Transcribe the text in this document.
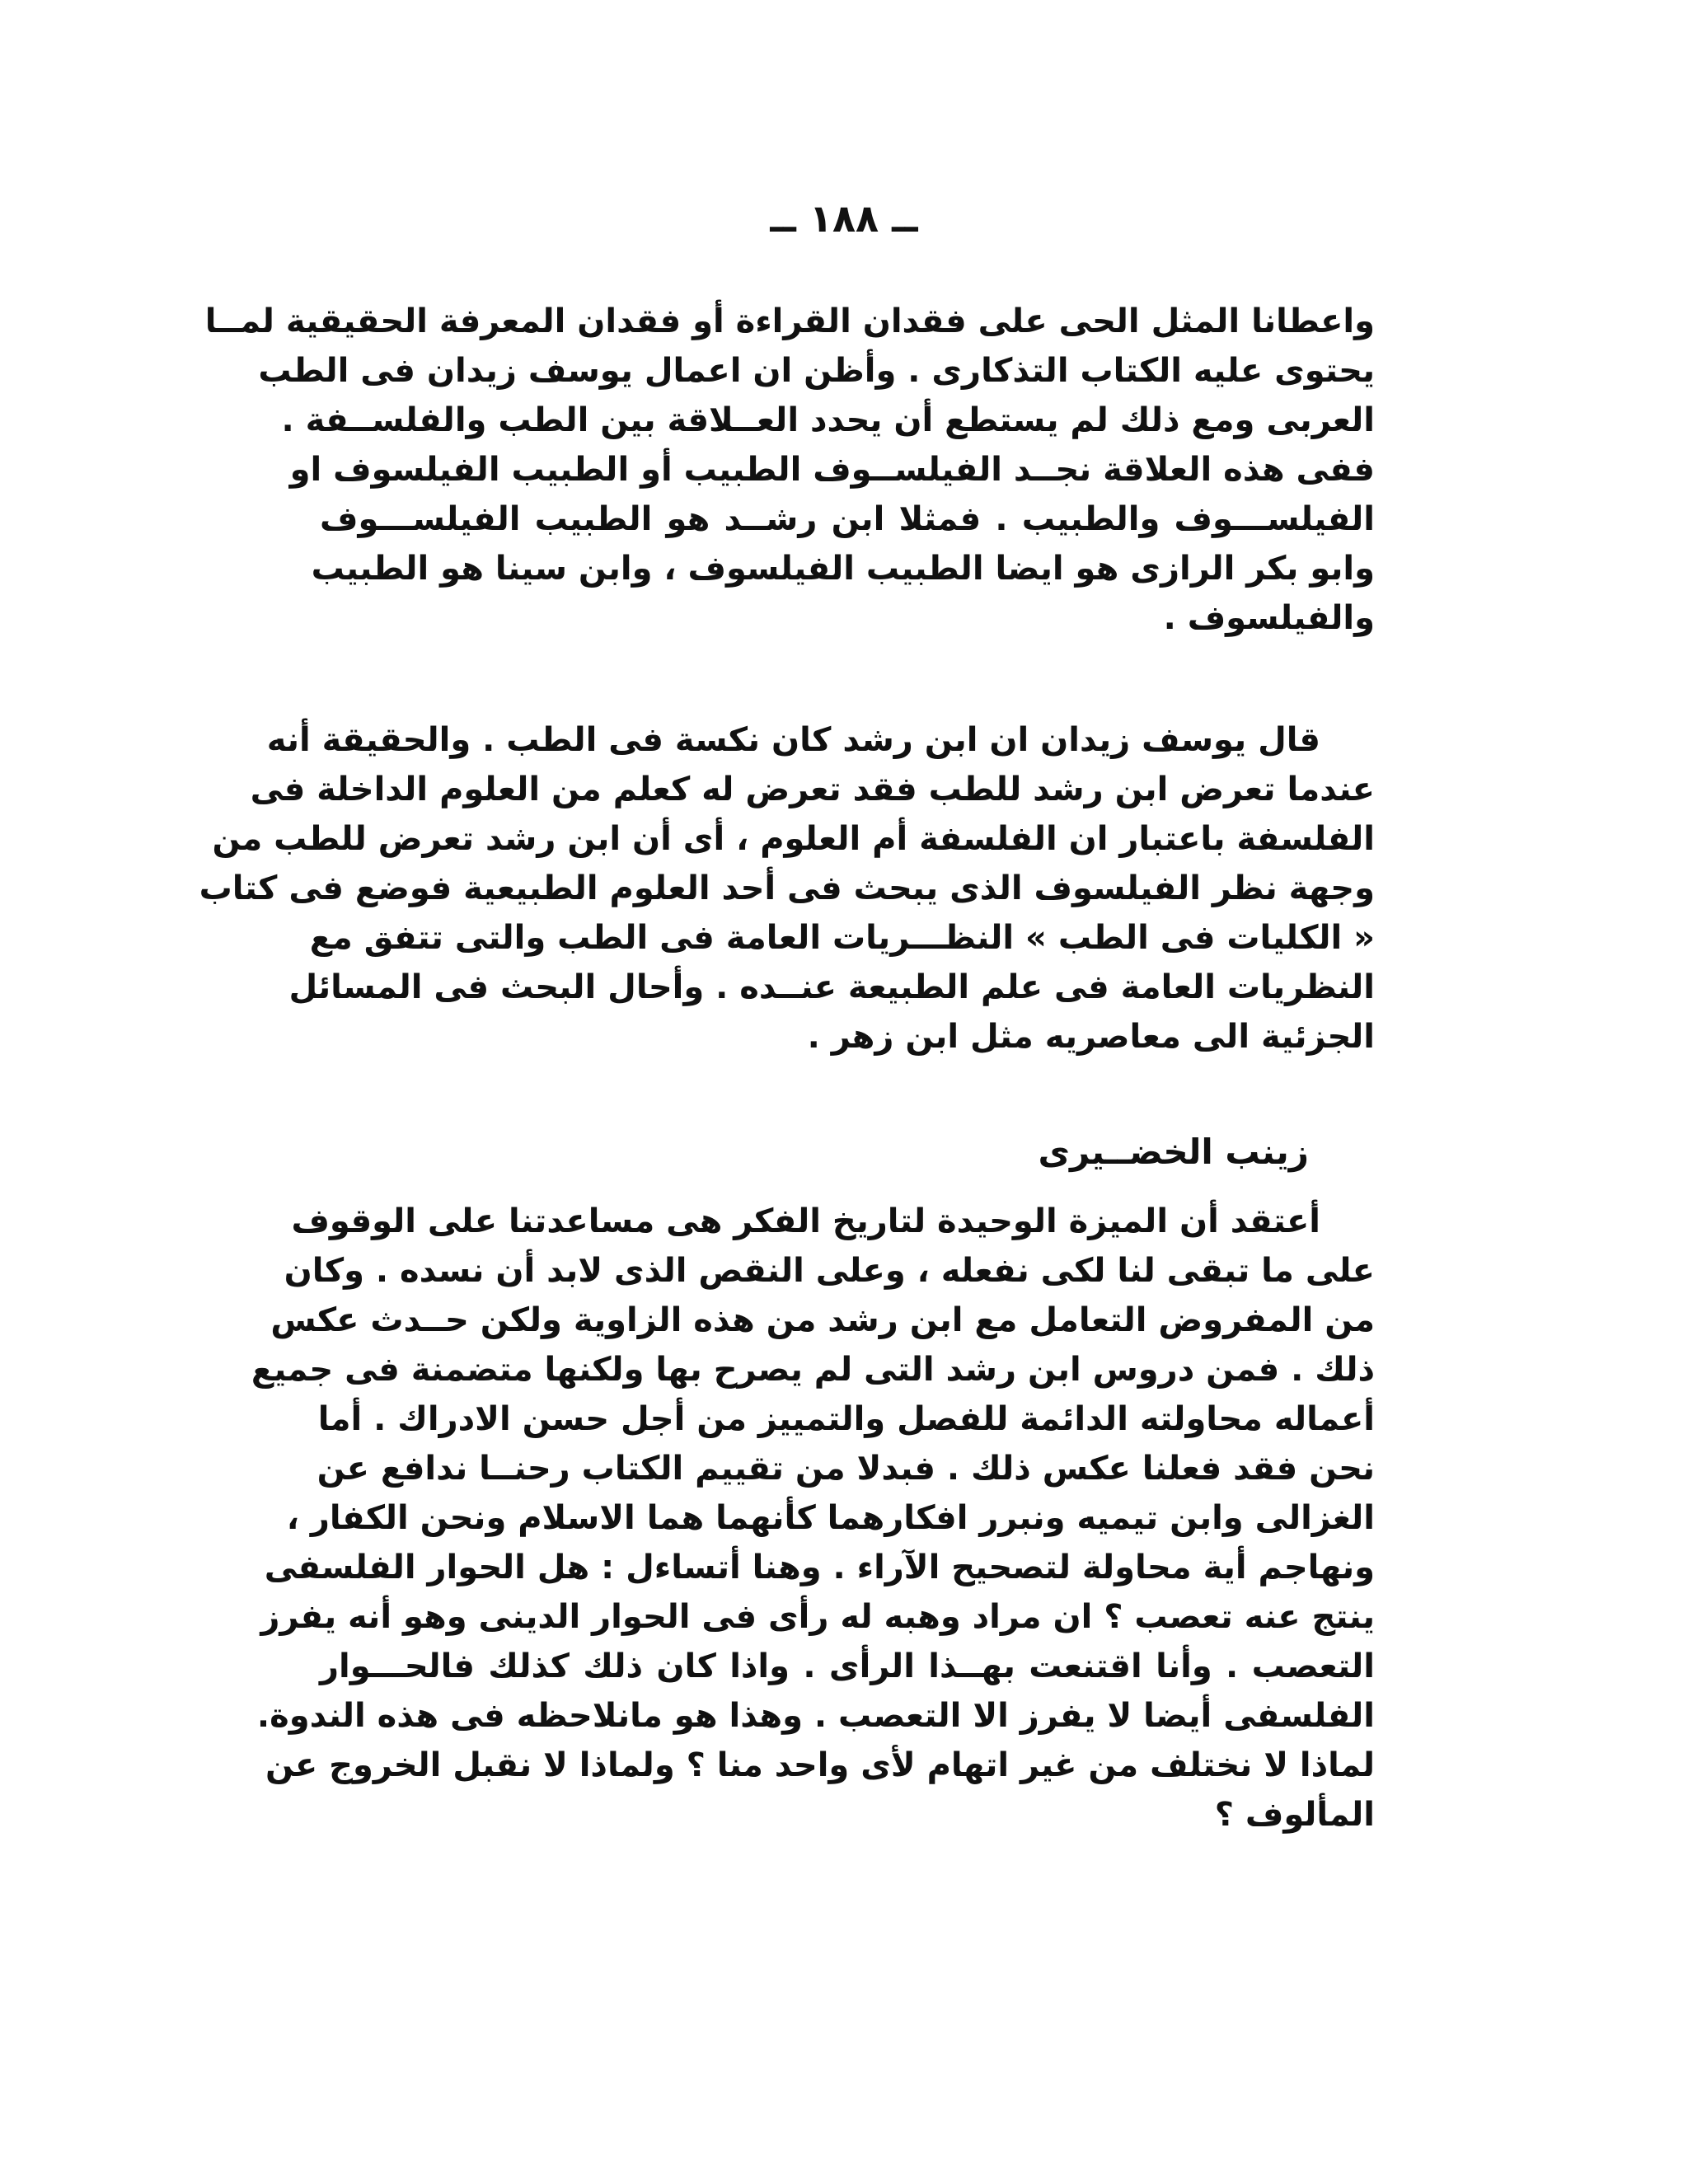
ــ ١٨٨ ــ
واعطانا المثل الحى على فقدان القراءة أو فقدان المعرفة الحقيقية لمــا
يحتوى عليه الكتاب التذكارى . وأظن ان اعمال يوسف زيدان فى الطب
العربى ومع ذلك لم يستطع أن يحدد العــلاقة بين الطب والفلســفة .
ففى هذه العلاقة نجــد الفيلســوف الطبيب أو الطبيب الفيلسوف او
الفيلســـوف والطبيب . فمثلا ابن رشــد هو الطبيب الفيلســـوف
وابو بكر الرازى هو ايضا الطبيب الفيلسوف ، وابن سينا هو الطبيب
والفيلسوف .
قال يوسف زيدان ان ابن رشد كان نكسة فى الطب . والحقيقة أنه
عندما تعرض ابن رشد للطب فقد تعرض له كعلم من العلوم الداخلة فى
الفلسفة باعتبار ان الفلسفة أم العلوم ، أى أن ابن رشد تعرض للطب من
وجهة نظر الفيلسوف الذى يبحث فى أحد العلوم الطبيعية فوضع فى كتاب
« الكليات فى الطب » النظـــريات العامة فى الطب والتى تتفق مع
النظريات العامة فى علم الطبيعة عنــده . وأحال البحث فى المسائل
الجزئية الى معاصريه مثل ابن زهر .
زينب الخضــيرى
أعتقد أن الميزة الوحيدة لتاريخ الفكر هى مساعدتنا على الوقوف
على ما تبقى لنا لكى نفعله ، وعلى النقص الذى لابد أن نسده . وكان
من المفروض التعامل مع ابن رشد من هذه الزاوية ولكن حــدث عكس
ذلك . فمن دروس ابن رشد التى لم يصرح بها ولكنها متضمنة فى جميع
أعماله محاولته الدائمة للفصل والتمييز من أجل حسن الادراك . أما
نحن فقد فعلنا عكس ذلك . فبدلا من تقييم الكتاب رحنــا ندافع عن
الغزالى وابن تيميه ونبرر افكارهما كأنهما هما الاسلام ونحن الكفار ،
ونهاجم أية محاولة لتصحيح الآراء . وهنا أتساءل : هل الحوار الفلسفى
ينتج عنه تعصب ؟ ان مراد وهبه له رأى فى الحوار الدينى وهو أنه يفرز
التعصب . وأنا اقتنعت بهــذا الرأى . واذا كان ذلك كذلك فالحـــوار
الفلسفى أيضا لا يفرز الا التعصب . وهذا هو مانلاحظه فى هذه الندوة.
لماذا لا نختلف من غير اتهام لأى واحد منا ؟ ولماذا لا نقبل الخروج عن
المألوف ؟
